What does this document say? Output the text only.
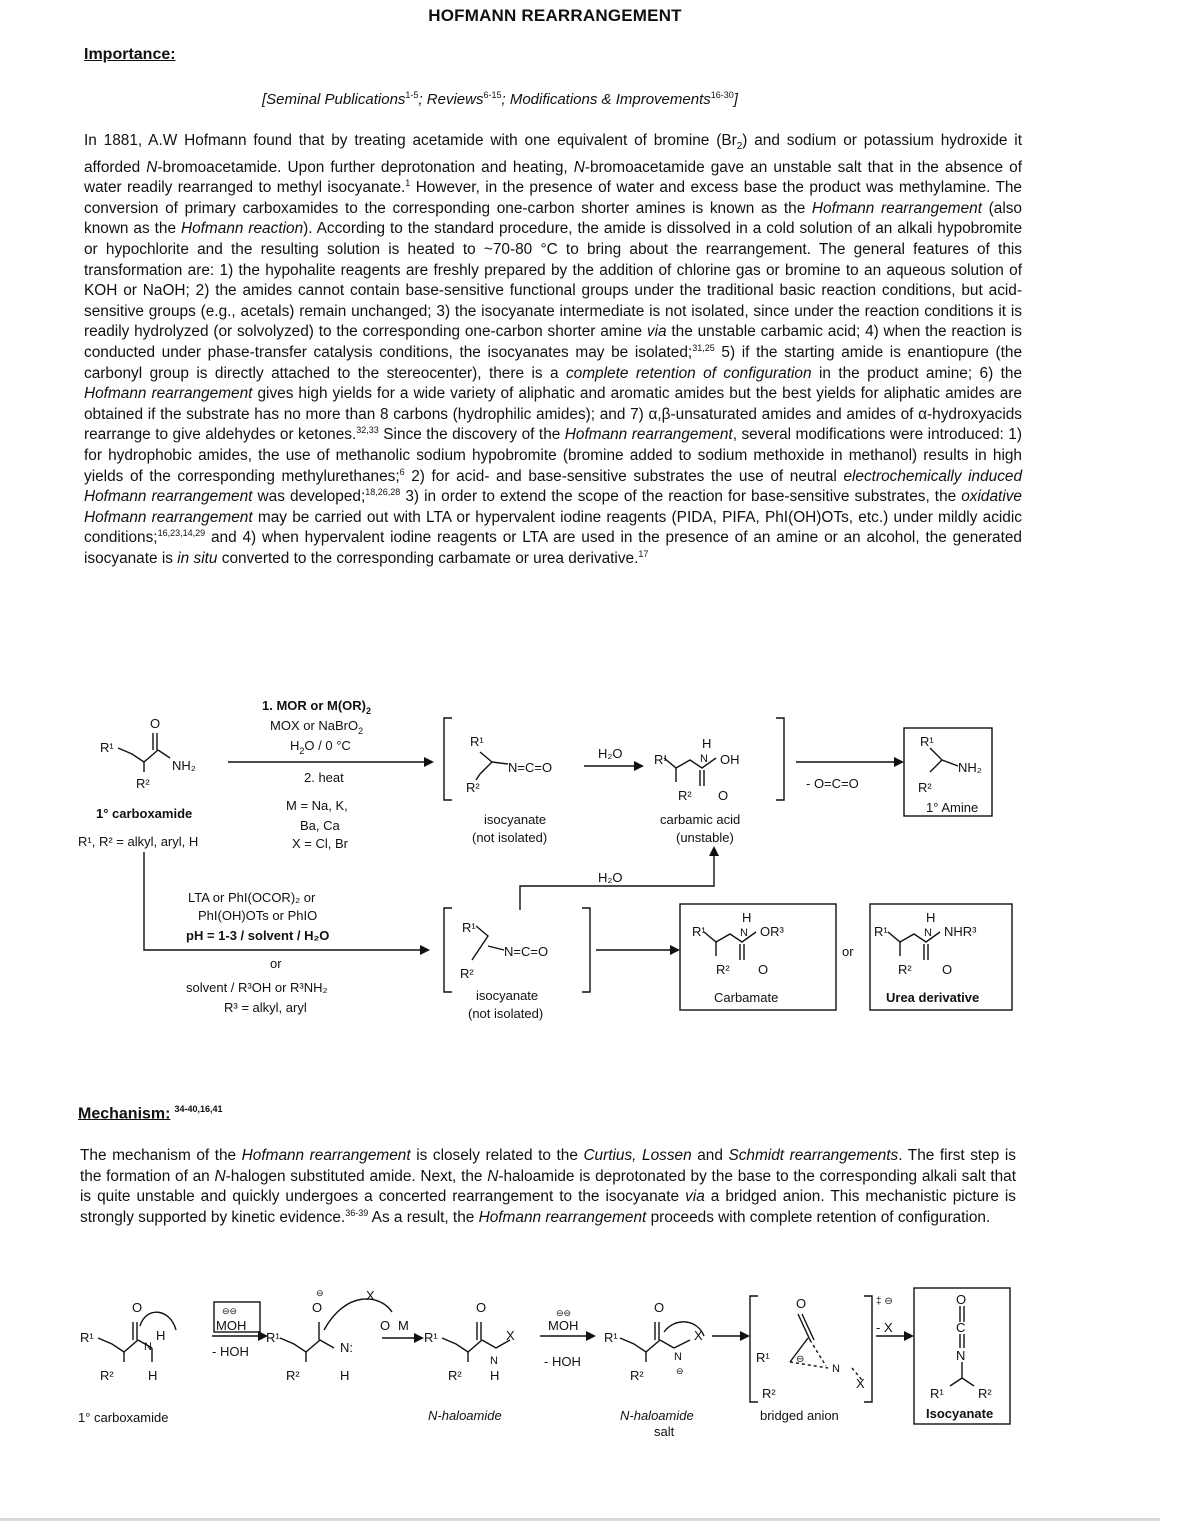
HOFMANN REARRANGEMENT
Importance:
[Seminal Publications$^{1-5}$; Reviews$^{6-15}$; Modifications & Improvements$^{16-30}$]
In 1881, A.W Hofmann found that by treating acetamide with one equivalent of bromine $(Br_2)$ and sodium or potassium hydroxide it afforded N-bromoacetamide. Upon further deprotonation and heating, N-bromoacetamide gave an unstable salt that in the absence of water readily rearranged to methyl isocyanate.$^1$ However, in the presence of water and excess base the product was methylamine. The conversion of primary carboxamides to the corresponding one-carbon shorter amines is known as the Hofmann rearrangement (also known as the Hofmann reaction). According to the standard procedure, the amide is dissolved in a cold solution of an alkali hypobromite or hypochlorite and the resulting solution is heated to ~70-80 °C to bring about the rearrangement. The general features of this transformation are: 1) the hypohalite reagents are freshly prepared by the addition of chlorine gas or bromine to an aqueous solution of KOH or NaOH; 2) the amides cannot contain base-sensitive functional groups under the traditional basic reaction conditions, but acid-sensitive groups (e.g., acetals) remain unchanged; 3) the isocyanate intermediate is not isolated, since under the reaction conditions it is readily hydrolyzed (or solvolyzed) to the corresponding one-carbon shorter amine via the unstable carbamic acid; 4) when the reaction is conducted under phase-transfer catalysis conditions, the isocyanates may be isolated;$^{31,25}$ 5) if the starting amide is enantiopure (the carbonyl group is directly attached to the stereocenter), there is a complete retention of configuration in the product amine; 6) the Hofmann rearrangement gives high yields for a wide variety of aliphatic and aromatic amides but the best yields for aliphatic amides are obtained if the substrate has no more than 8 carbons (hydrophilic amides); and 7) α,β-unsaturated amides and amides of α-hydroxyacids rearrange to give aldehydes or ketones.$^{32,33}$ Since the discovery of the Hofmann rearrangement, several modifications were introduced: 1) for hydrophobic amides, the use of methanolic sodium hypobromite (bromine added to sodium methoxide in methanol) results in high yields of the corresponding methylurethanes;$^6$ 2) for acid- and base-sensitive substrates the use of neutral electrochemically induced Hofmann rearrangement was developed;$^{18,26,28}$ 3) in order to extend the scope of the reaction for base-sensitive substrates, the oxidative Hofmann rearrangement may be carried out with LTA or hypervalent iodine reagents (PIDA, PIFA, PhI(OH)OTs, etc.) under mildly acidic conditions;$^{16,23,14,29}$ and 4) when hypervalent iodine reagents or LTA are used in the presence of an amine or an alcohol, the generated isocyanate is in situ converted to the corresponding carbamate or urea derivative.$^{17}$
R¹
O
NH₂
R²
1° carboxamide
R¹, R² = alkyl, aryl, H
1. MOR or $M(OR)_2$
MOX or NaBrO$_2$
$H_2O / 0$ °C
2. heat
M = Na, K,
Ba, Ca
X = Cl, Br
R¹
N=C=O
R²
isocyanate
(not isolated)
H₂O R¹
H
N OH
R² O
carbamic acid
(unstable)
- O=C=O
R¹
NH₂
R²
1° Amine
LTA or PhI(OCOR)₂ or
PhI(OH)OTs or PhIO
pH = 1-3 / solvent / H₂O
or
solvent / R³OH or R³NH₂
R³ = alkyl, aryl
H₂O
R¹
N=C=O
R²
isocyanate
(not isolated)
R¹
H
N OR³
R² O
Carbamate
or
R¹
H
N NHR³
R² O
Urea derivative
R¹
O
N
H
R²	H
⊖⊖
MOH
- HOH
R¹
O
⊖
N:
R²	H
X
O M
R¹
O
X
N
R² H
N-haloamide
⊖⊖
MOH
- HOH
R¹
O
X
N
R²	⊖
N-haloamide
salt
O
R¹	⊖
N
X
R²
‡ ⊖
- X
bridged anion
O
C
N
R¹	R²
Isocyanate
1° carboxamide
Mechanism: $^{34-40,16,41}$
The mechanism of the Hofmann rearrangement is closely related to the Curtius, Lossen and Schmidt rearrangements. The first step is the formation of an N-halogen substituted amide. Next, the N-haloamide is deprotonated by the base to the corresponding alkali salt that is quite unstable and quickly undergoes a concerted rearrangement to the isocyanate via a bridged anion. This mechanistic picture is strongly supported by kinetic evidence.$^{36-39}$ As a result, the Hofmann rearrangement proceeds with complete retention of configuration.
